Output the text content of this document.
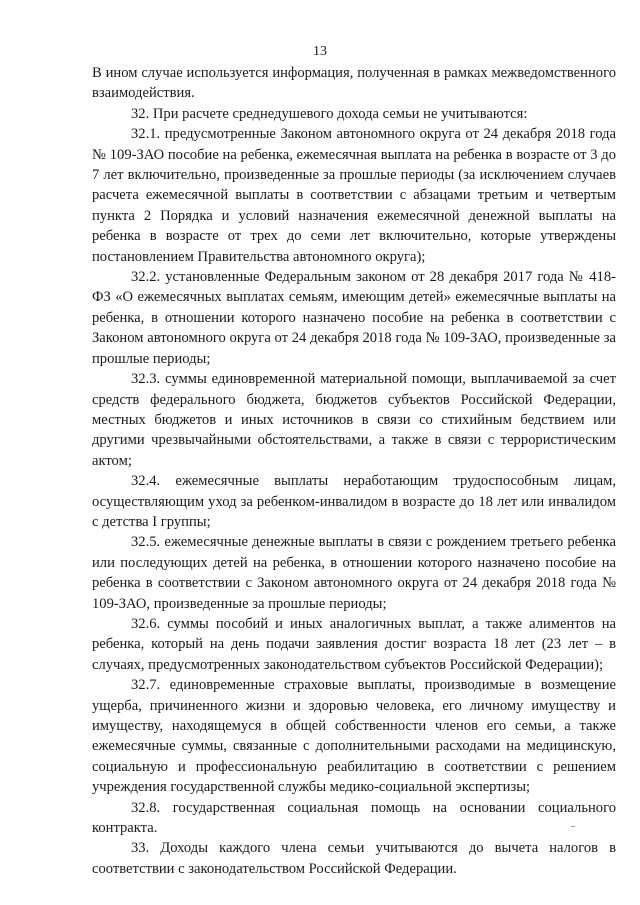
13

В ином случае используется информация, полученная в рамках межведомственного взаимодействия.

32. При расчете среднедушевого дохода семьи не учитываются:

32.1. предусмотренные Законом автономного округа от 24 декабря 2018 года № 109-ЗАО пособие на ребенка, ежемесячная выплата на ребенка в возрасте от 3 до 7 лет включительно, произведенные за прошлые периоды (за исключением случаев расчета ежемесячной выплаты в соответствии с абзацами третьим и четвертым пункта 2 Порядка и условий назначения ежемесячной денежной выплаты на ребенка в возрасте от трех до семи лет включительно, которые утверждены постановлением Правительства автономного округа);

32.2. установленные Федеральным законом от 28 декабря 2017 года № 418-ФЗ «О ежемесячных выплатах семьям, имеющим детей» ежемесячные выплаты на ребенка, в отношении которого назначено пособие на ребенка в соответствии с Законом автономного округа от 24 декабря 2018 года № 109-ЗАО, произведенные за прошлые периоды;

32.3. суммы единовременной материальной помощи, выплачиваемой за счет средств федерального бюджета, бюджетов субъектов Российской Федерации, местных бюджетов и иных источников в связи со стихийным бедствием или другими чрезвычайными обстоятельствами, а также в связи с террористическим актом;

32.4. ежемесячные выплаты неработающим трудоспособным лицам, осуществляющим уход за ребенком-инвалидом в возрасте до 18 лет или инвалидом с детства I группы;

32.5. ежемесячные денежные выплаты в связи с рождением третьего ребенка или последующих детей на ребенка, в отношении которого назначено пособие на ребенка в соответствии с Законом автономного округа от 24 декабря 2018 года № 109-ЗАО, произведенные за прошлые периоды;

32.6. суммы пособий и иных аналогичных выплат, а также алиментов на ребенка, который на день подачи заявления достиг возраста 18 лет (23 лет – в случаях, предусмотренных законодательством субъектов Российской Федерации);

32.7. единовременные страховые выплаты, производимые в возмещение ущерба, причиненного жизни и здоровью человека, его личному имуществу и имуществу, находящемуся в общей собственности членов его семьи, а также ежемесячные суммы, связанные с дополнительными расходами на медицинскую, социальную и профессиональную реабилитацию в соответствии с решением учреждения государственной службы медико-социальной экспертизы;

32.8. государственная социальная помощь на основании социального контракта.

33. Доходы каждого члена семьи учитываются до вычета налогов в соответствии с законодательством Российской Федерации.
